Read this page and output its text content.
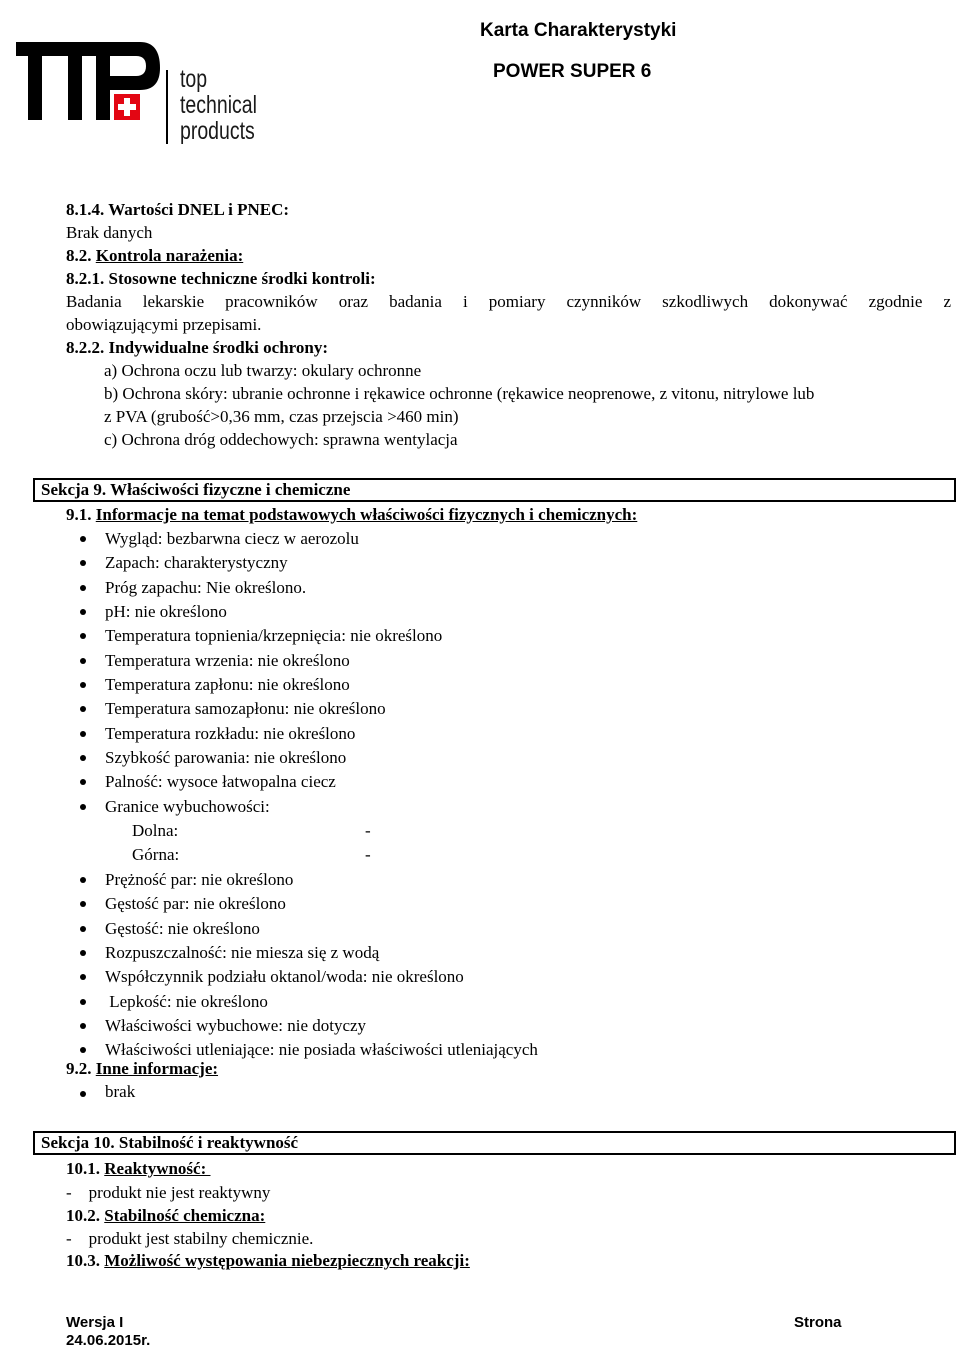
top
technical
products
Karta Charakterystyki
POWER SUPER 6
8.1.4. Wartości DNEL i PNEC:
Brak danych
8.2. Kontrola narażenia:
8.2.1. Stosowne techniczne środki kontroli:
Badania lekarskie pracowników oraz badania i pomiary czynników szkodliwych dokonywać zgodnie z
obowiązującymi przepisami.
8.2.2. Indywidualne środki ochrony:
a) Ochrona oczu lub twarzy: okulary ochronne
b) Ochrona skóry: ubranie ochronne i rękawice ochronne (rękawice neoprenowe, z vitonu, nitrylowe lub
z PVA (grubość>0,36 mm, czas przejscia >460 min)
c) Ochrona dróg oddechowych: sprawna wentylacja
Sekcja 9. Właściwości fizyczne i chemiczne
9.1. Informacje na temat podstawowych właściwości fizycznych i chemicznych:
Wygląd: bezbarwna ciecz w aerozolu
Zapach: charakterystyczny
Próg zapachu: Nie określono.
pH: nie określono
Temperatura topnienia/krzepnięcia: nie określono
Temperatura wrzenia: nie określono
Temperatura zapłonu: nie określono
Temperatura samozapłonu: nie określono
Temperatura rozkładu: nie określono
Szybkość parowania: nie określono
Palność: wysoce łatwopalna ciecz
Granice wybuchowości:
Dolna:	-
Górna:	-
Prężność par: nie określono
Gęstość par: nie określono
Gęstość: nie określono
Rozpuszczalność: nie miesza się z wodą
Współczynnik podziału oktanol/woda: nie określono
Lepkość: nie określono
Właściwości wybuchowe: nie dotyczy
Właściwości utleniające: nie posiada właściwości utleniających
9.2. Inne informacje:
brak
Sekcja 10. Stabilność i reaktywność
10.1. Reaktywność:
-    produkt nie jest reaktywny
10.2. Stabilność chemiczna:
-    produkt jest stabilny chemicznie.
10.3. Możliwość występowania niebezpiecznych reakcji:
Wersja I
24.06.2015r.
Strona
